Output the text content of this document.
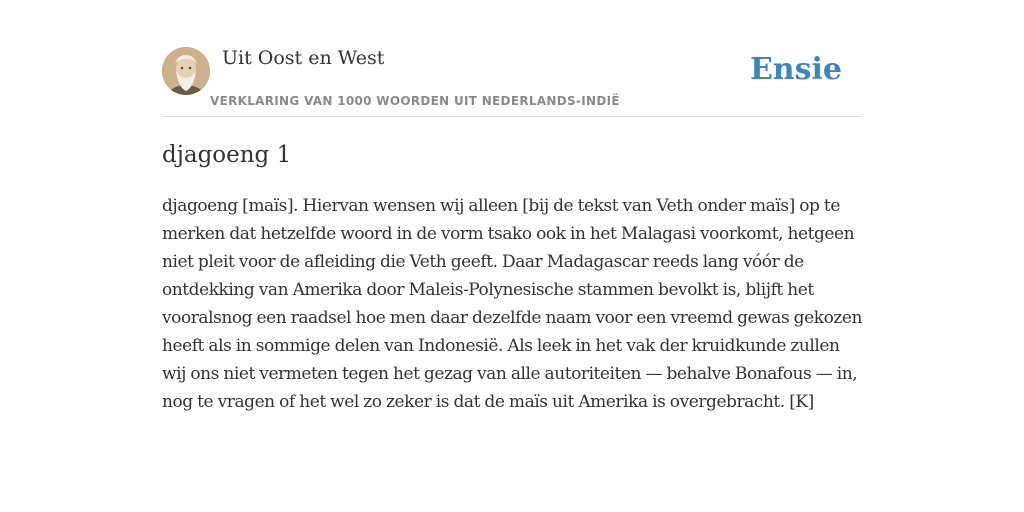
Uit Oost en West
VERKLARING VAN 1000 WOORDEN UIT NEDERLANDS-INDIË
Ensie
djagoeng 1
djagoeng [maïs]. Hiervan wensen wij alleen [bij de tekst van Veth onder maïs] op te merken dat hetzelfde woord in de vorm tsako ook in het Malagasi voorkomt, hetgeen niet pleit voor de afleiding die Veth geeft. Daar Madagascar reeds lang vóór de ontdekking van Amerika door Maleis-Polynesische stammen bevolkt is, blijft het vooralsnog een raadsel hoe men daar dezelfde naam voor een vreemd gewas gekozen heeft als in sommige delen van Indonesië. Als leek in het vak der kruidkunde zullen wij ons niet vermeten tegen het gezag van alle autoriteiten — behalve Bonafous — in, nog te vragen of het wel zo zeker is dat de maïs uit Amerika is overgebracht. [K]
